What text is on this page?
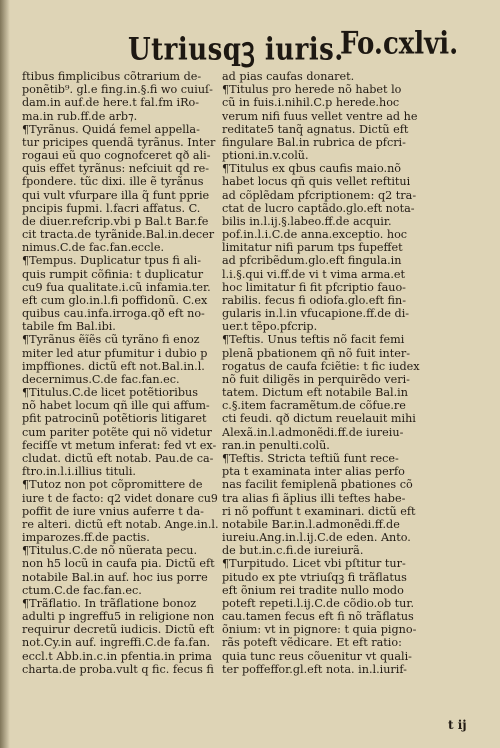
Utriusqꝫ iuris.
Fo.cxlvi.
ftibus fimplicibus cõtrarium de-
ponẽtib⁹. gl.e fing.in.§.fi wo cuiuſ-
dam.in auf.de here.t fal.fm iRo-
ma.in rub.ff.de arb⁊.
¶Tyrãnus. Quidá femel appella-
tur pricipes quendã tyrãnus. Inter
rogaui eũ quo cognofceret qð ali-
quis effet tyrãnus: nefciuit qd re-
fpondere. tũc dixi. ille ẽ tyrãnus
qui vult vfurpare illa q̃ funt pprie
pncipis fupmi. l.facri affatus. C.
de diuer.refcrip.vbi p Bal.t Bar.fe
cit tracta.de tyrãnide.Bal.in.decer
nimus.C.de fac.fan.eccle.
¶Tempus. Duplicatur tpus fi ali-
quis rumpit cõfinia: t duplicatur
cu9 fua qualitate.i.cũ infamia.ter.
eft cum glo.in.l.fi poffidonũ. C.ex
quibus cau.infa.irroga.qð eft no-
tabile fm Bal.ibi.
¶Tyrãnus ẽĩẽs cũ tyrãno fi enoz
miter led atur pfumitur i dubio p
impffiones. dictũ eft not.Bal.in.l.
decernimus.C.de fac.fan.ec.
¶Titulus.C.de licet potẽtioribus
nõ habet locum qñ ille qui affum-
pfit patrocinũ potẽtioris litigaret
cum pariter potẽte qui nõ videtur
fecifſe vt metum inferat: fed vt ex-
cludat. dictũ eft notab. Pau.de ca-
ftro.in.l.i.illius tituli.
¶Tutoz non pot cõpromittere de
iure t de facto: q2 videt donare cu9
poffit de iure vnius auferre t da-
re alteri. dictũ eft notab. Ange.in.l.
imparozes.ff.de pactis.
¶Titulus.C.de nõ nũerata pecu.
non h5 locũ in caufa pia. Dictũ eft
notabile Bal.in auf. hoc ius porre
ctum.C.de fac.fan.ec.
¶Trãflatio. In trãflatione bonoz
adulti p ingreffu5 in religione non
requirur decretũ iudicis. Dictũ eft
not.Cy.in auf. ingreffi.C.de fa.fan.
eccl.t Abb.in.c.in pfentia.in prima
charta.de proba.vult q fic. fecus fi
ad pias caufas donaret.
¶Titulus pro herede nõ habet lo
cũ in fuis.i.nihil.C.p herede.hoc
verum nifi fuus vellet ventre ad he
reditate5 tanq̃ agnatus. Dictũ eft
fingulare Bal.in rubrica de pfcri-
ptioni.in.v.colũ.
¶Titulus ex qbus caufis maio.nõ
habet locus qñ quis vellet reftitui
ad cõplẽdam pfcriptionem: q2 tra-
ctat de lucro captãdo.glo.eft nota-
bilis in.l.ij.§.labeo.ff.de acquir.
pof.in.l.i.C.de anna.exceptio. hoc
limitatur nifi parum tps fupeffet
ad pfcribẽdum.glo.eft fingula.in
l.i.§.qui vi.ff.de vi t vima arma.et
hoc limitatur fi fit pfcriptio fauo-
rabilis. fecus fi odiofa.glo.eft fin-
gularis in.l.in vfucapione.ff.de di-
uer.t tẽpo.pfcrip.
¶Teftis. Unus teftis nõ facit femi
plenã pbationem qñ nõ fuit inter-
rogatus de caufa fciẽtie: t fic iudex
nõ fuit diligẽs in perquirẽdo veri-
tatem. Dictum eft notabile Bal.in
c.§.item facramẽtum.de cõfue.re
cti feudi. qð dictum reuelauit mihi
Alexã.in.l.admonẽdi.ff.de iureiu-
ran.in penulti.colũ.
¶Teftis. Stricta teftiũ funt rece-
pta t examinata inter alias perfo
nas facilit femiplenã pbationes cõ
tra alias fi ãplius illi teftes habe-
ri nõ poffunt t examinari. dictũ eft
notabile Bar.in.l.admonẽdi.ff.de
iureiu.Ang.in.l.ij.C.de eden. Anto.
de but.in.c.fi.de iureiurã.
¶Turpitudo. Licet vbi pſtitur tur-
pitudo ex pte vtriuſqꝫ fi trãflatus
eft õnium rei tradite nullo modo
poteft repeti.l.ij.C.de cõdio.ob tur.
cau.tamen fecus eft fi nõ trãflatus
õnium: vt in pignore: t quia pigno-
rãs poteft vẽdicare. Et eft ratio:
quia tunc reus cõuenitur vt quali-
ter poffeffor.gl.eft nota. in.l.iurif-
t ij
